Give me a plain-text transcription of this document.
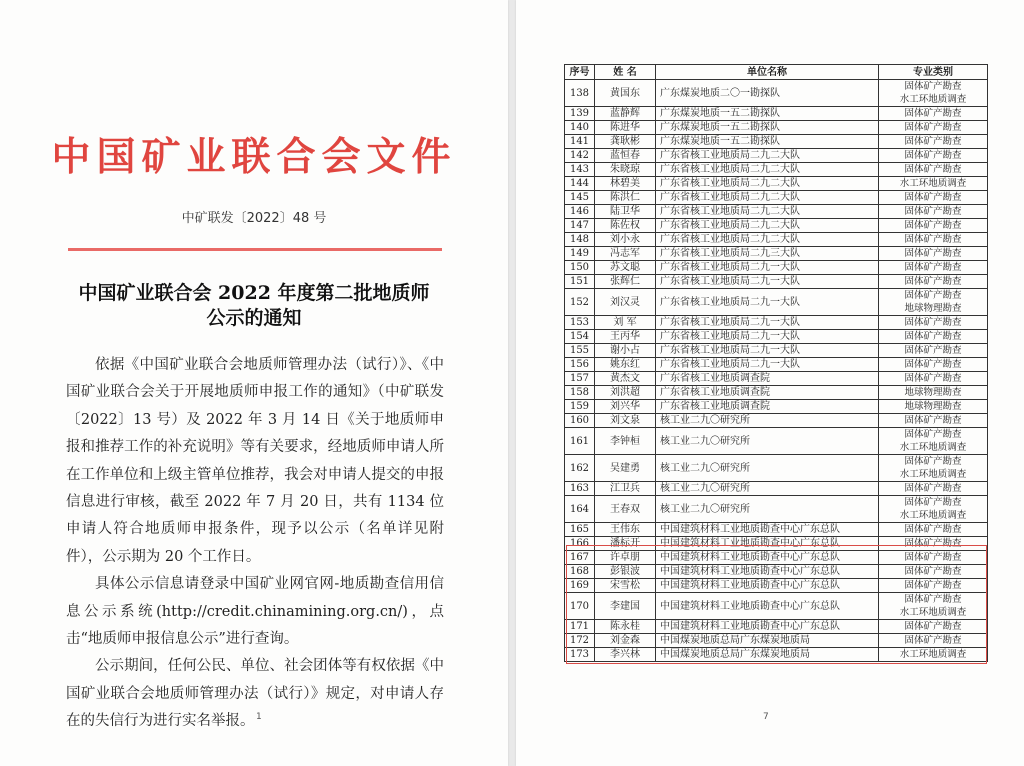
中国矿业联合会文件
中矿联发〔2022〕48 号
中国矿业联合会 2022 年度第二批地质师
公示的通知

依据《中国矿业联合会地质师管理办法（试行）》、《中国矿业联合会关于开展地质师申报工作的通知》（中矿联发〔2022〕13 号）及 2022 年 3 月 14 日《关于地质师申报和推荐工作的补充说明》等有关要求，经地质师申请人所在工作单位和上级主管单位推荐，我会对申请人提交的申报信息进行审核，截至 2022 年 7 月 20 日，共有 1134 位申请人符合地质师申报条件，现予以公示（名单详见附件），公示期为 20 个工作日。

具体公示信息请登录中国矿业网官网-地质勘查信用信息公示系统(http://credit.chinamining.org.cn/)，点击“地质师申报信息公示”进行查询。

公示期间，任何公民、单位、社会团体等有权依据《中国矿业联合会地质师管理办法（试行）》规定，对申请人存在的失信行为进行实名举报。 1
序号	姓 名	单位名称	专业类别
138	黄国东	广东煤炭地质二〇一勘探队	固体矿产勘查
水工环地质调查

139	蓝静辉	广东煤炭地质一五二勘探队	固体矿产勘查

140	陈进华	广东煤炭地质一五二勘探队	固体矿产勘查

141	龚耿彬	广东煤炭地质一五二勘探队	固体矿产勘查

142	蓝恒春	广东省核工业地质局二九二大队	固体矿产勘查

143	朱晓琼	广东省核工业地质局二九二大队	固体矿产勘查

144	林碧美	广东省核工业地质局二九二大队	水工环地质调查

145	陈洪仁	广东省核工业地质局二九二大队	固体矿产勘查

146	陆卫华	广东省核工业地质局二九二大队	固体矿产勘查

147	陈佐权	广东省核工业地质局二九二大队	固体矿产勘查

148	刘小永	广东省核工业地质局二九二大队	固体矿产勘查

149	冯志军	广东省核工业地质局二九三大队	固体矿产勘查

150	苏文聪	广东省核工业地质局二九一大队	固体矿产勘查

151	张辉仁	广东省核工业地质局二九一大队	固体矿产勘查

152	刘汉灵	广东省核工业地质局二九一大队	固体矿产勘查
地球物理勘查

153	刘 军	广东省核工业地质局二九一大队	固体矿产勘查

154	王丙华	广东省核工业地质局二九一大队	固体矿产勘查

155	谢小占	广东省核工业地质局二九一大队	固体矿产勘查

156	姚东红	广东省核工业地质局二九一大队	固体矿产勘查

157	黄杰文	广东省核工业地质调查院	固体矿产勘查

158	刘洪超	广东省核工业地质调查院	地球物理勘查

159	刘兴华	广东省核工业地质调查院	地球物理勘查

160	刘文泉	核工业二九〇研究所	固体矿产勘查

161	李钟桓	核工业二九〇研究所	固体矿产勘查
水工环地质调查

162	吴建勇	核工业二九〇研究所	固体矿产勘查
水工环地质调查

163	江卫兵	核工业二九〇研究所	固体矿产勘查

164	王春双	核工业二九〇研究所	固体矿产勘查
水工环地质调查

165	王伟东	中国建筑材料工业地质勘查中心广东总队	固体矿产勘查

166	潘标开	中国建筑材料工业地质勘查中心广东总队	固体矿产勘查

167	许卓朋	中国建筑材料工业地质勘查中心广东总队	固体矿产勘查

168	彭银波	中国建筑材料工业地质勘查中心广东总队	固体矿产勘查

169	宋雪松	中国建筑材料工业地质勘查中心广东总队	固体矿产勘查

170	李建国	中国建筑材料工业地质勘查中心广东总队	固体矿产勘查
水工环地质调查

171	陈永桂	中国建筑材料工业地质勘查中心广东总队	固体矿产勘查

172	刘金森	中国煤炭地质总局广东煤炭地质局	固体矿产勘查

173	李兴林	中国煤炭地质总局广东煤炭地质局	水工环地质调查
7
